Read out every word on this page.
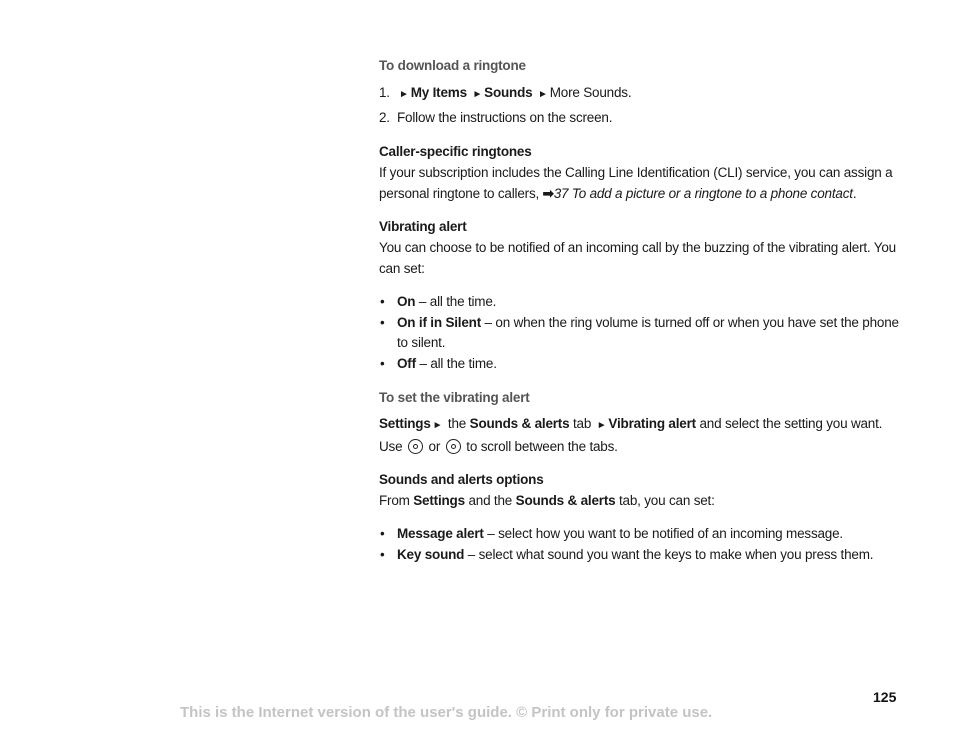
To download a ringtone

1. ► My Items ► Sounds ► More Sounds.
2. Follow the instructions on the screen.

Caller-specific ringtones

If your subscription includes the Calling Line Identification (CLI) service, you can assign a personal ringtone to callers, ➡37 To add a picture or a ringtone to a phone contact.

Vibrating alert

You can choose to be notified of an incoming call by the buzzing of the vibrating alert. You can set:

• On – all the time.
• On if in Silent – on when the ring volume is turned off or when you have set the phone to silent.
• Off – all the time.

To set the vibrating alert

Settings ► the Sounds & alerts tab ► Vibrating alert and select the setting you want. Use or to scroll between the tabs.

Sounds and alerts options

From Settings and the Sounds & alerts tab, you can set:

• Message alert – select how you want to be notified of an incoming message.
• Key sound – select what sound you want the keys to make when you press them.
125
This is the Internet version of the user's guide. © Print only for private use.
